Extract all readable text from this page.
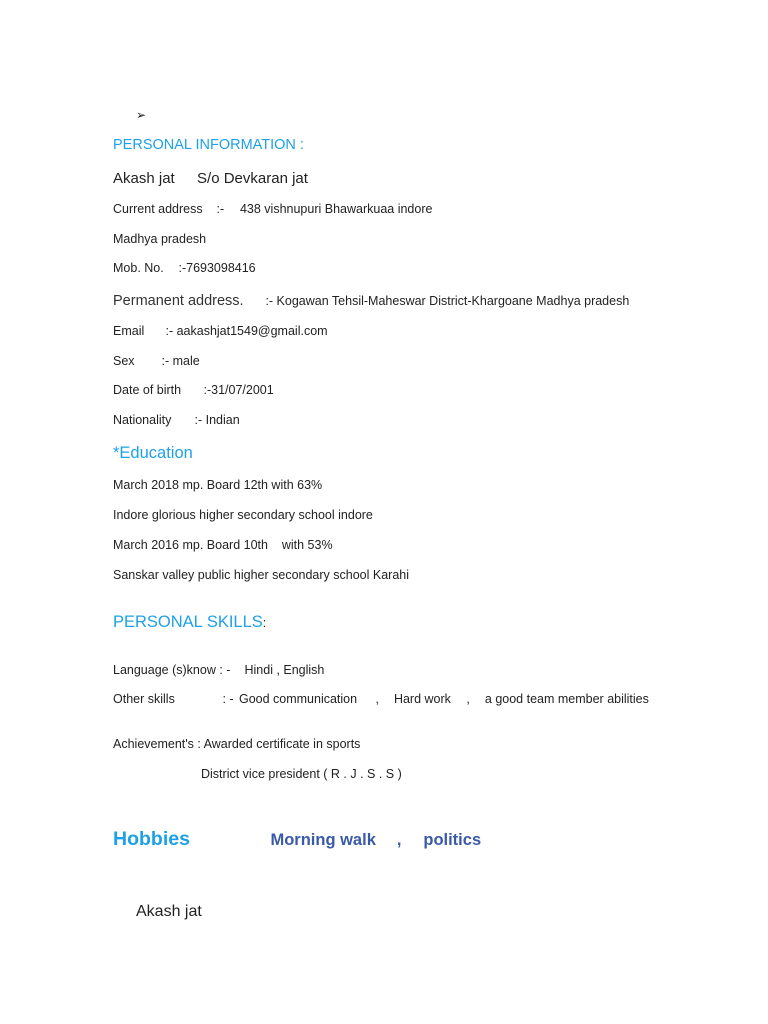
➢
PERSONAL INFORMATION :
Akash jat S/o Devkaran jat
Current address :- 438 vishnupuri Bhawarkuaa indore
Madhya pradesh
Mob. No. :-7693098416
Permanent address. :- Kogawan Tehsil-Maheswar District-Khargoane Madhya pradesh
Email :- aakashjat1549@gmail.com
Sex :- male
Date of birth :-31/07/2001
Nationality :- Indian
*Education
March 2018 mp. Board 12th with 63%
Indore glorious higher secondary school indore
March 2016 mp. Board 10th    with 53%
Sanskar valley public higher secondary school Karahi
PERSONAL SKILLS:
Language (s)know : - Hindi , English
Other skills	: - Good communication , Hard work , a good team member abilities
Achievement's : Awarded certificate in sports
District vice president ( R . J . S . S )
Hobbies	Morning walk , politics
Akash jat
